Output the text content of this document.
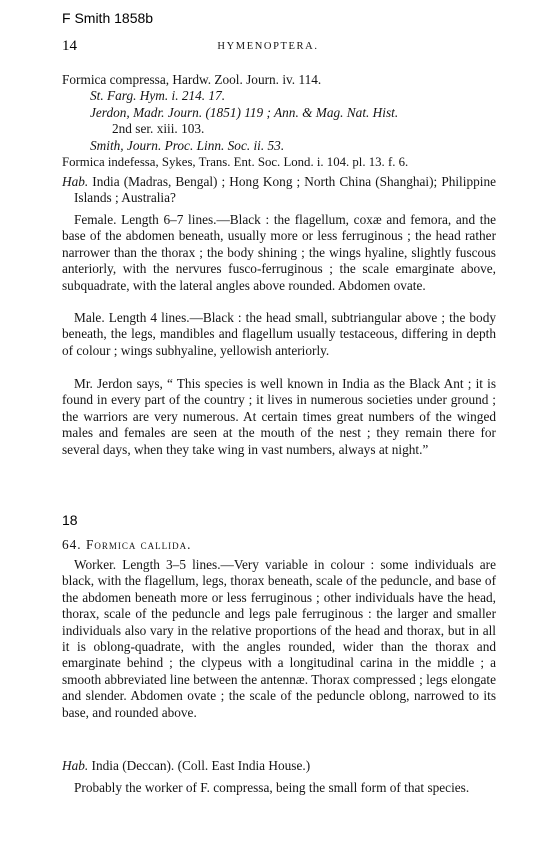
F Smith 1858b
14	HYMENOPTERA.
Formica compressa, Hardw. Zool. Journ. iv. 114.
St. Farg. Hym. i. 214. 17.
Jerdon, Madr. Journ. (1851) 119 ; Ann. & Mag. Nat. Hist.
2nd ser. xiii. 103.
Smith, Journ. Proc. Linn. Soc. ii. 53.
Formica indefessa, Sykes, Trans. Ent. Soc. Lond. i. 104. pl. 13. f. 6.

Hab. India (Madras, Bengal) ; Hong Kong ; North China (Shanghai); Philippine Islands ; Australia?

Female. Length 6–7 lines.—Black : the flagellum, coxæ and femora, and the base of the abdomen beneath, usually more or less ferruginous ; the head rather narrower than the thorax ; the body shining ; the wings hyaline, slightly fuscous anteriorly, with the nervures fusco-ferruginous ; the scale emarginate above, subquadrate, with the lateral angles above rounded. Abdomen ovate.

Male. Length 4 lines.—Black : the head small, subtriangular above ; the body beneath, the legs, mandibles and flagellum usually testaceous, differing in depth of colour ; wings subhyaline, yellowish anteriorly.

Mr. Jerdon says, “ This species is well known in India as the Black Ant ; it is found in every part of the country ; it lives in numerous societies under ground ; the warriors are very numerous. At certain times great numbers of the winged males and females are seen at the mouth of the nest ; they remain there for several days, when they take wing in vast numbers, always at night.”

18
64. Formica callida.

Worker. Length 3–5 lines.—Very variable in colour : some individuals are black, with the flagellum, legs, thorax beneath, scale of the peduncle, and base of the abdomen beneath more or less ferruginous ; other individuals have the head, thorax, scale of the peduncle and legs pale ferruginous : the larger and smaller individuals also vary in the relative proportions of the head and thorax, but in all it is oblong-quadrate, with the angles rounded, wider than the thorax and emarginate behind ; the clypeus with a longitudinal carina in the middle ; a smooth abbreviated line between the antennæ. Thorax compressed ; legs elongate and slender. Abdomen ovate ; the scale of the peduncle oblong, narrowed to its base, and rounded above.

Hab. India (Deccan). (Coll. East India House.)

Probably the worker of F. compressa, being the small form of that species.
